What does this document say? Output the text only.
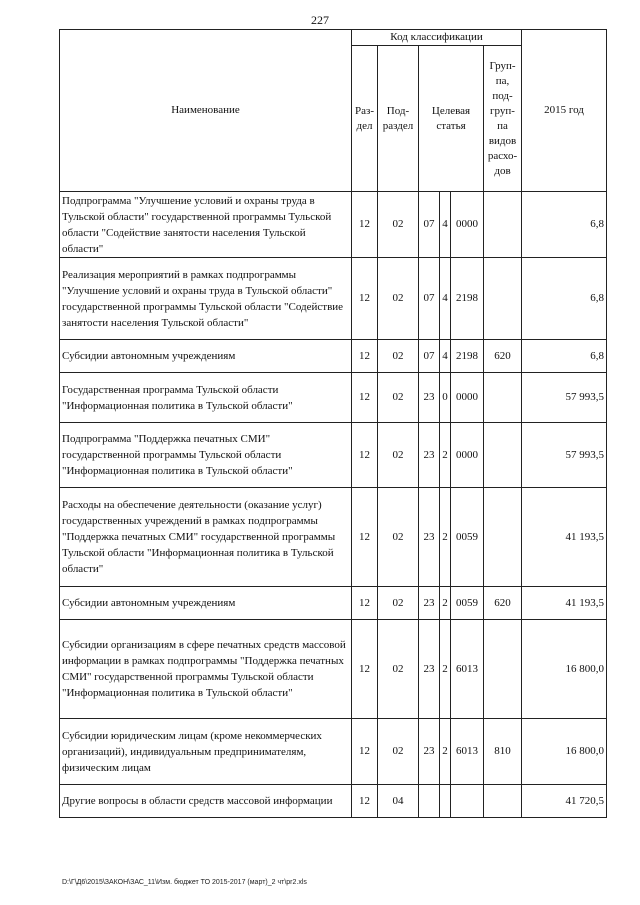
227
Наименование	Код классификации						2015 год
	Раз-дел	Под-раздел	Целевая статья			Груп-па, под-груп-па видов расхо-дов	
Подпрограмма "Улучшение условий и охраны труда в Тульской области" государственной программы Тульской области "Содействие занятости населения Тульской области"	12	02	07	4	0000		6,8
Реализация мероприятий в рамках подпрограммы "Улучшение условий и охраны труда в Тульской области" государственной программы Тульской области "Содействие занятости населения Тульской области"	12	02	07	4	2198		6,8
Субсидии автономным учреждениям	12	02	07	4	2198	620	6,8
Государственная программа Тульской области "Информационная политика в Тульской области"	12	02	23	0	0000		57 993,5
Подпрограмма "Поддержка печатных СМИ" государственной программы Тульской области "Информационная политика в Тульской области"	12	02	23	2	0000		57 993,5
Расходы на обеспечение деятельности (оказание услуг) государственных учреждений в рамках подпрограммы "Поддержка печатных СМИ" государственной программы Тульской области "Информационная политика в Тульской области"	12	02	23	2	0059		41 193,5
Субсидии автономным учреждениям	12	02	23	2	0059	620	41 193,5
Субсидии организациям в сфере печатных средств массовой информации в рамках подпрограммы "Поддержка печатных СМИ" государственной программы Тульской области "Информационная политика в Тульской области"	12	02	23	2	6013		16 800,0
Субсидии юридическим лицам (кроме некоммерческих организаций), индивидуальным предпринимателям, физическим лицам	12	02	23	2	6013	810	16 800,0
Другие вопросы в области средств массовой информации	12	04					41 720,5
D:\Г\Д6\2015\ЗАКОН\ЗАС_11\Изм. бюджет ТО 2015-2017 (март)_2 чт\pr2.xls
